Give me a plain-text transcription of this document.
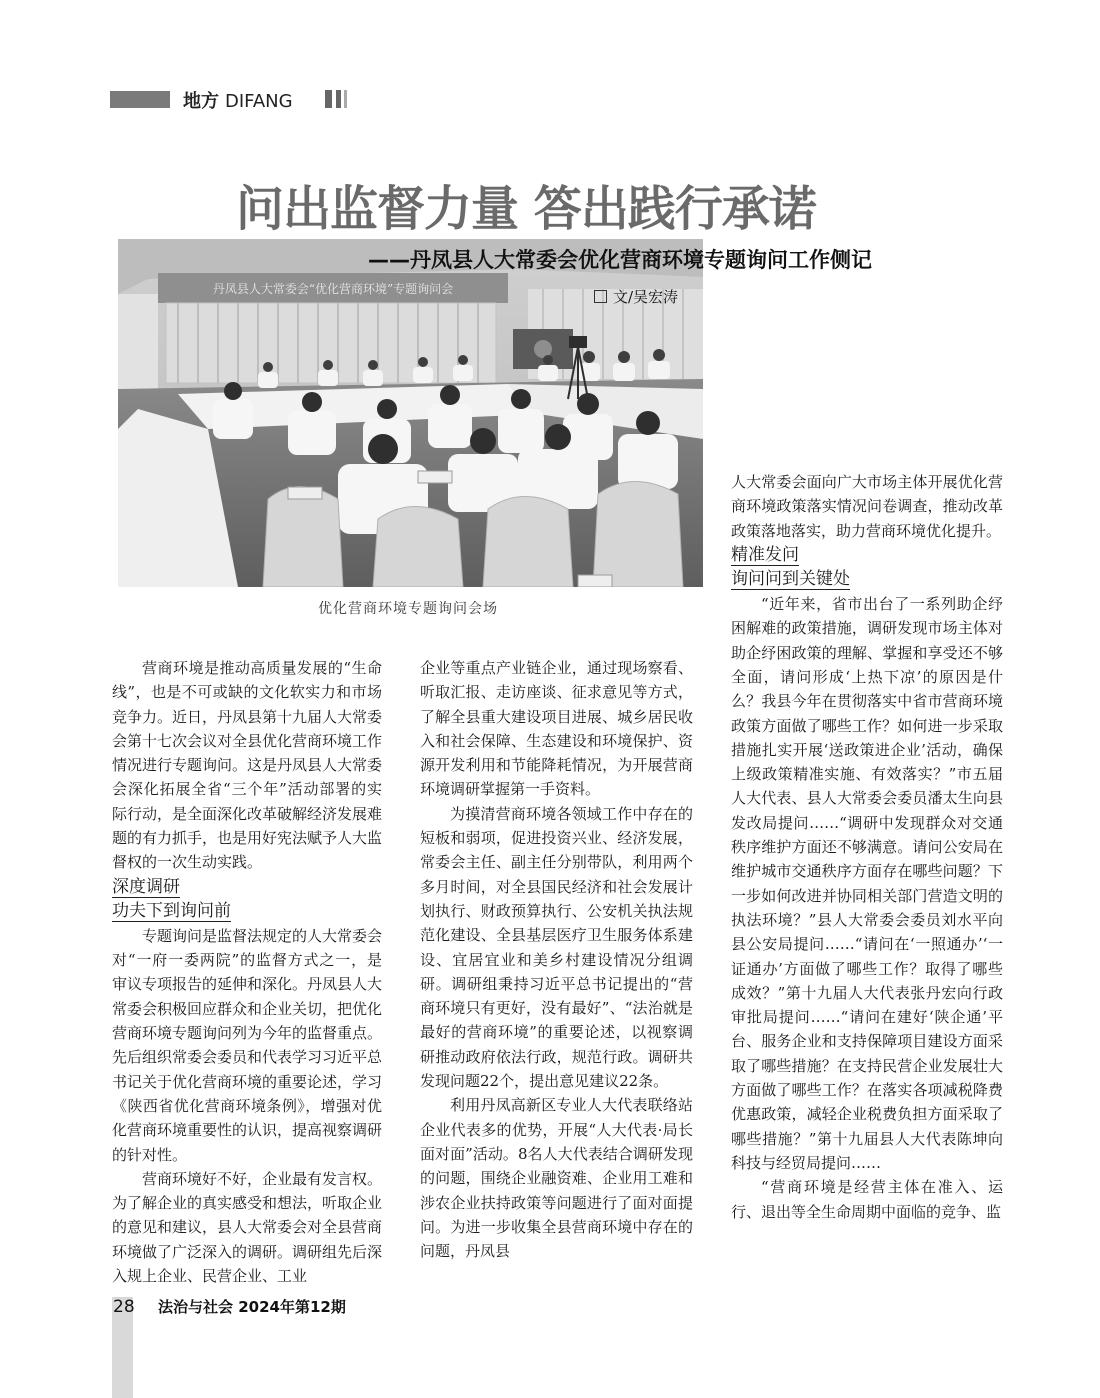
地方 DIFANG
丹凤县人大常委会“优化营商环境”专题询问会
问出监督力量 答出践行承诺
——丹凤县人大常委会优化营商环境专题询问工作侧记
文/吴宏涛
优化营商环境专题询问会场

营商环境是推动高质量发展的“生命线”，也是不可或缺的文化软实力和市场竞争力。近日，丹凤县第十九届人大常委会第十七次会议对全县优化营商环境工作情况进行专题询问。这是丹凤县人大常委会深化拓展全省“三个年”活动部署的实际行动，是全面深化改革破解经济发展难题的有力抓手，也是用好宪法赋予人大监督权的一次生动实践。

深度调研
功夫下到询问前

专题询问是监督法规定的人大常委会对“一府一委两院”的监督方式之一，是审议专项报告的延伸和深化。丹凤县人大常委会积极回应群众和企业关切，把优化营商环境专题询问列为今年的监督重点。先后组织常委会委员和代表学习习近平总书记关于优化营商环境的重要论述，学习《陕西省优化营商环境条例》，增强对优化营商环境重要性的认识，提高视察调研的针对性。

营商环境好不好，企业最有发言权。为了解企业的真实感受和想法，听取企业的意见和建议，县人大常委会对全县营商环境做了广泛深入的调研。调研组先后深入规上企业、民营企业、工业

企业等重点产业链企业，通过现场察看、听取汇报、走访座谈、征求意见等方式，了解全县重大建设项目进展、城乡居民收入和社会保障、生态建设和环境保护、资源开发利用和节能降耗情况，为开展营商环境调研掌握第一手资料。

为摸清营商环境各领域工作中存在的短板和弱项，促进投资兴业、经济发展，常委会主任、副主任分别带队，利用两个多月时间，对全县国民经济和社会发展计划执行、财政预算执行、公安机关执法规范化建设、全县基层医疗卫生服务体系建设、宜居宜业和美乡村建设情况分组调研。调研组秉持习近平总书记提出的“营商环境只有更好，没有最好”、“法治就是最好的营商环境”的重要论述，以视察调研推动政府依法行政，规范行政。调研共发现问题22个，提出意见建议22条。

利用丹凤高新区专业人大代表联络站企业代表多的优势，开展“人大代表·局长面对面”活动。8名人大代表结合调研发现的问题，围绕企业融资难、企业用工难和涉农企业扶持政策等问题进行了面对面提问。为进一步收集全县营商环境中存在的问题，丹凤县

人大常委会面向广大市场主体开展优化营商环境政策落实情况问卷调查，推动改革政策落地落实，助力营商环境优化提升。

精准发问
询问问到关键处

“近年来，省市出台了一系列助企纾困解难的政策措施，调研发现市场主体对助企纾困政策的理解、掌握和享受还不够全面，请问形成‘上热下凉’的原因是什么？我县今年在贯彻落实中省市营商环境政策方面做了哪些工作？如何进一步采取措施扎实开展‘送政策进企业’活动，确保上级政策精准实施、有效落实？”市五届人大代表、县人大常委会委员潘太生向县发改局提问……“调研中发现群众对交通秩序维护方面还不够满意。请问公安局在维护城市交通秩序方面存在哪些问题？下一步如何改进并协同相关部门营造文明的执法环境？”县人大常委会委员刘水平向县公安局提问……“请问在‘一照通办’‘一证通办’方面做了哪些工作？取得了哪些成效？”第十九届人大代表张丹宏向行政审批局提问……“请问在建好‘陕企通’平台、服务企业和支持保障项目建设方面采取了哪些措施？在支持民营企业发展壮大方面做了哪些工作？在落实各项减税降费优惠政策，减轻企业税费负担方面采取了哪些措施？”第十九届县人大代表陈坤向科技与经贸局提问……

“营商环境是经营主体在准入、运行、退出等全生命周期中面临的竞争、监

28 法治与社会 2024年第12期
